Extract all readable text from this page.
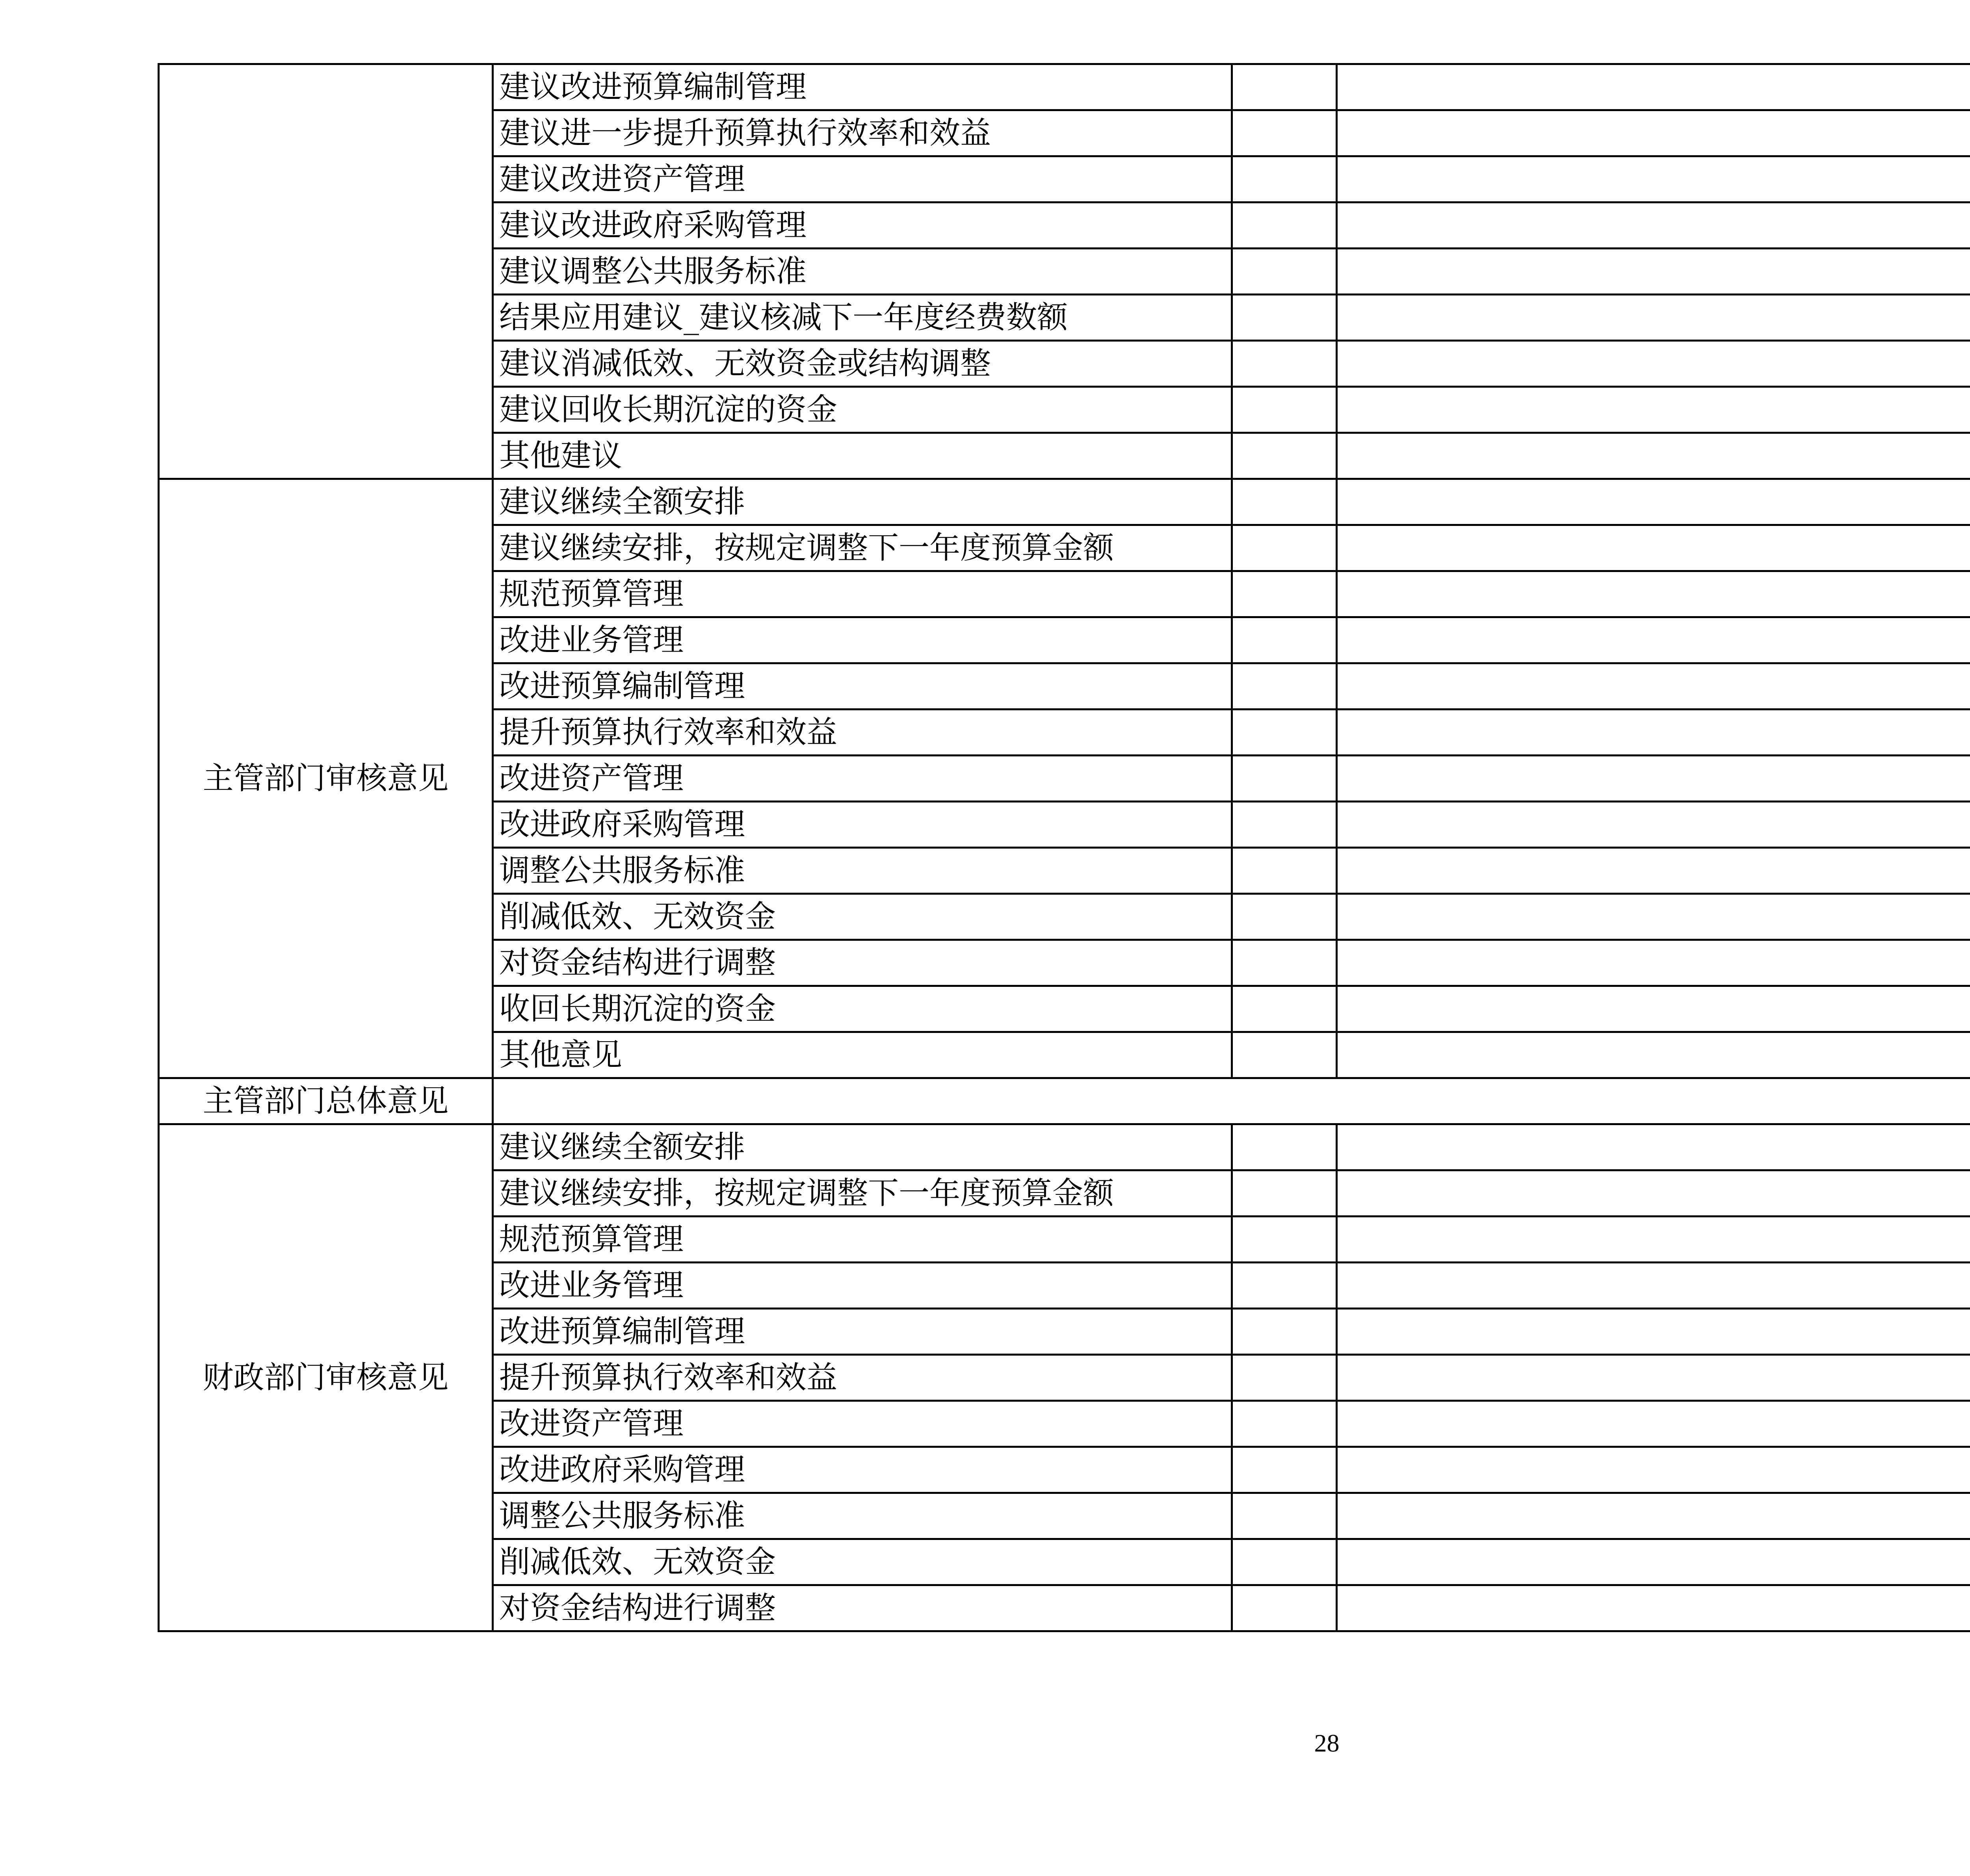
	建议改进预算编制管理		
	建议进一步提升预算执行效率和效益		
	建议改进资产管理		
	建议改进政府采购管理		
	建议调整公共服务标准		
	结果应用建议_建议核减下一年度经费数额		
	建议消减低效、无效资金或结构调整		
	建议回收长期沉淀的资金		
	其他建议		
主管部门审核意见	建议继续全额安排		
	建议继续安排，按规定调整下一年度预算金额		
	规范预算管理		
	改进业务管理		
	改进预算编制管理		
	提升预算执行效率和效益		
	改进资产管理		
	改进政府采购管理		
	调整公共服务标准		
	削减低效、无效资金		
	对资金结构进行调整		
	收回长期沉淀的资金		
	其他意见		
主管部门总体意见			
财政部门审核意见	建议继续全额安排		
	建议继续安排，按规定调整下一年度预算金额		
	规范预算管理		
	改进业务管理		
	改进预算编制管理		
	提升预算执行效率和效益		
	改进资产管理		
	改进政府采购管理		
	调整公共服务标准		
	削减低效、无效资金		
	对资金结构进行调整		
28
